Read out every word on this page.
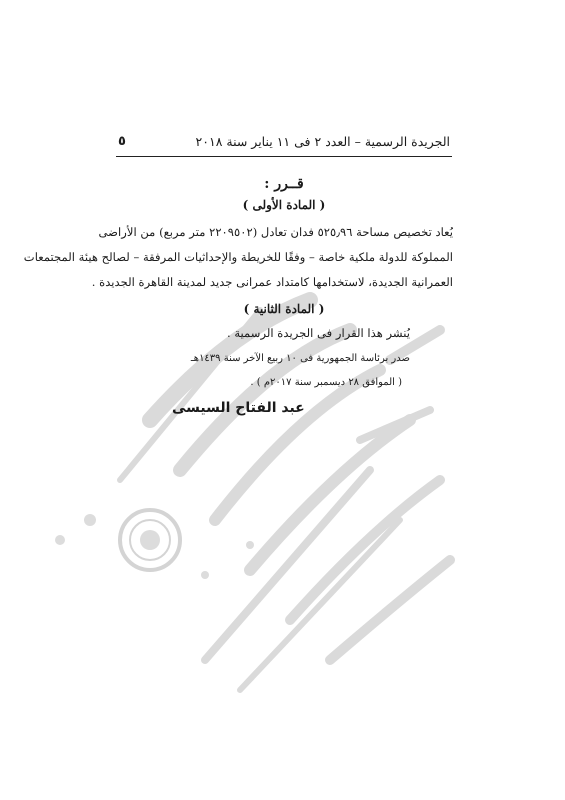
الجريدة الرسمية – العدد ٢ فى ١١ يناير سنة ٢٠١٨
٥
قــرر :
( المادة الأولى )
يُعاد تخصيص مساحة ٥٢٥٫٩٦ فدان تعادل (٢٢٠٩٥٠٢ متر مربع) من الأراضى
المملوكة للدولة ملكية خاصة – وفقًا للخريطة والإحداثيات المرفقة – لصالح هيئة المجتمعات
العمرانية الجديدة، لاستخدامها كامتداد عمرانى جديد لمدينة القاهرة الجديدة .
( المادة الثانية )
يُنشر هذا القرار فى الجريدة الرسمية .
صدر برئاسة الجمهورية فى ١٠ ربيع الآخر سنة ١٤٣٩هـ
( الموافق ٢٨ ديسمبر سنة ٢٠١٧م ) .
عبد الفتاح السيسى
